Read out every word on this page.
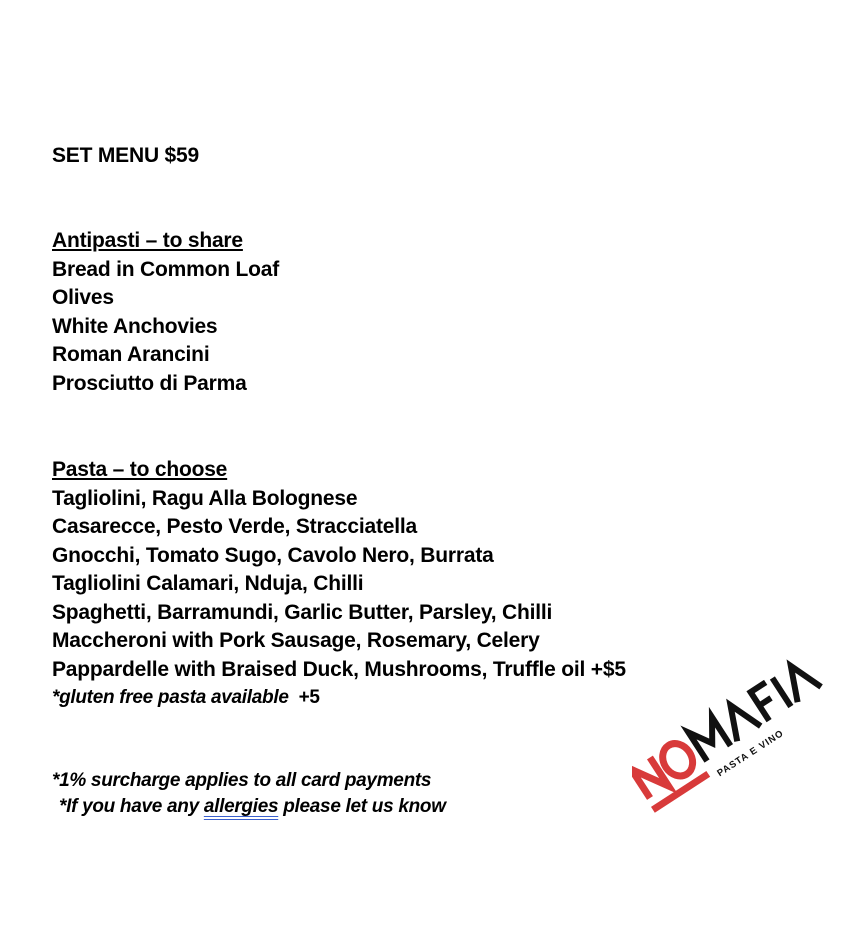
SET MENU $59
Antipasti – to share
Bread in Common Loaf
Olives
White Anchovies
Roman Arancini
Prosciutto di Parma
Pasta – to choose
Tagliolini, Ragu Alla Bolognese
Casarecce, Pesto Verde, Stracciatella
Gnocchi, Tomato Sugo, Cavolo Nero, Burrata
Tagliolini Calamari, Nduja, Chilli
Spaghetti, Barramundi, Garlic Butter, Parsley, Chilli
Maccheroni with Pork Sausage, Rosemary, Celery
Pappardelle with Braised Duck, Mushrooms, Truffle oil +$5
*gluten free pasta available +5
*1% surcharge applies to all card payments
*If you have any allergies please let us know
PASTA E VINO
